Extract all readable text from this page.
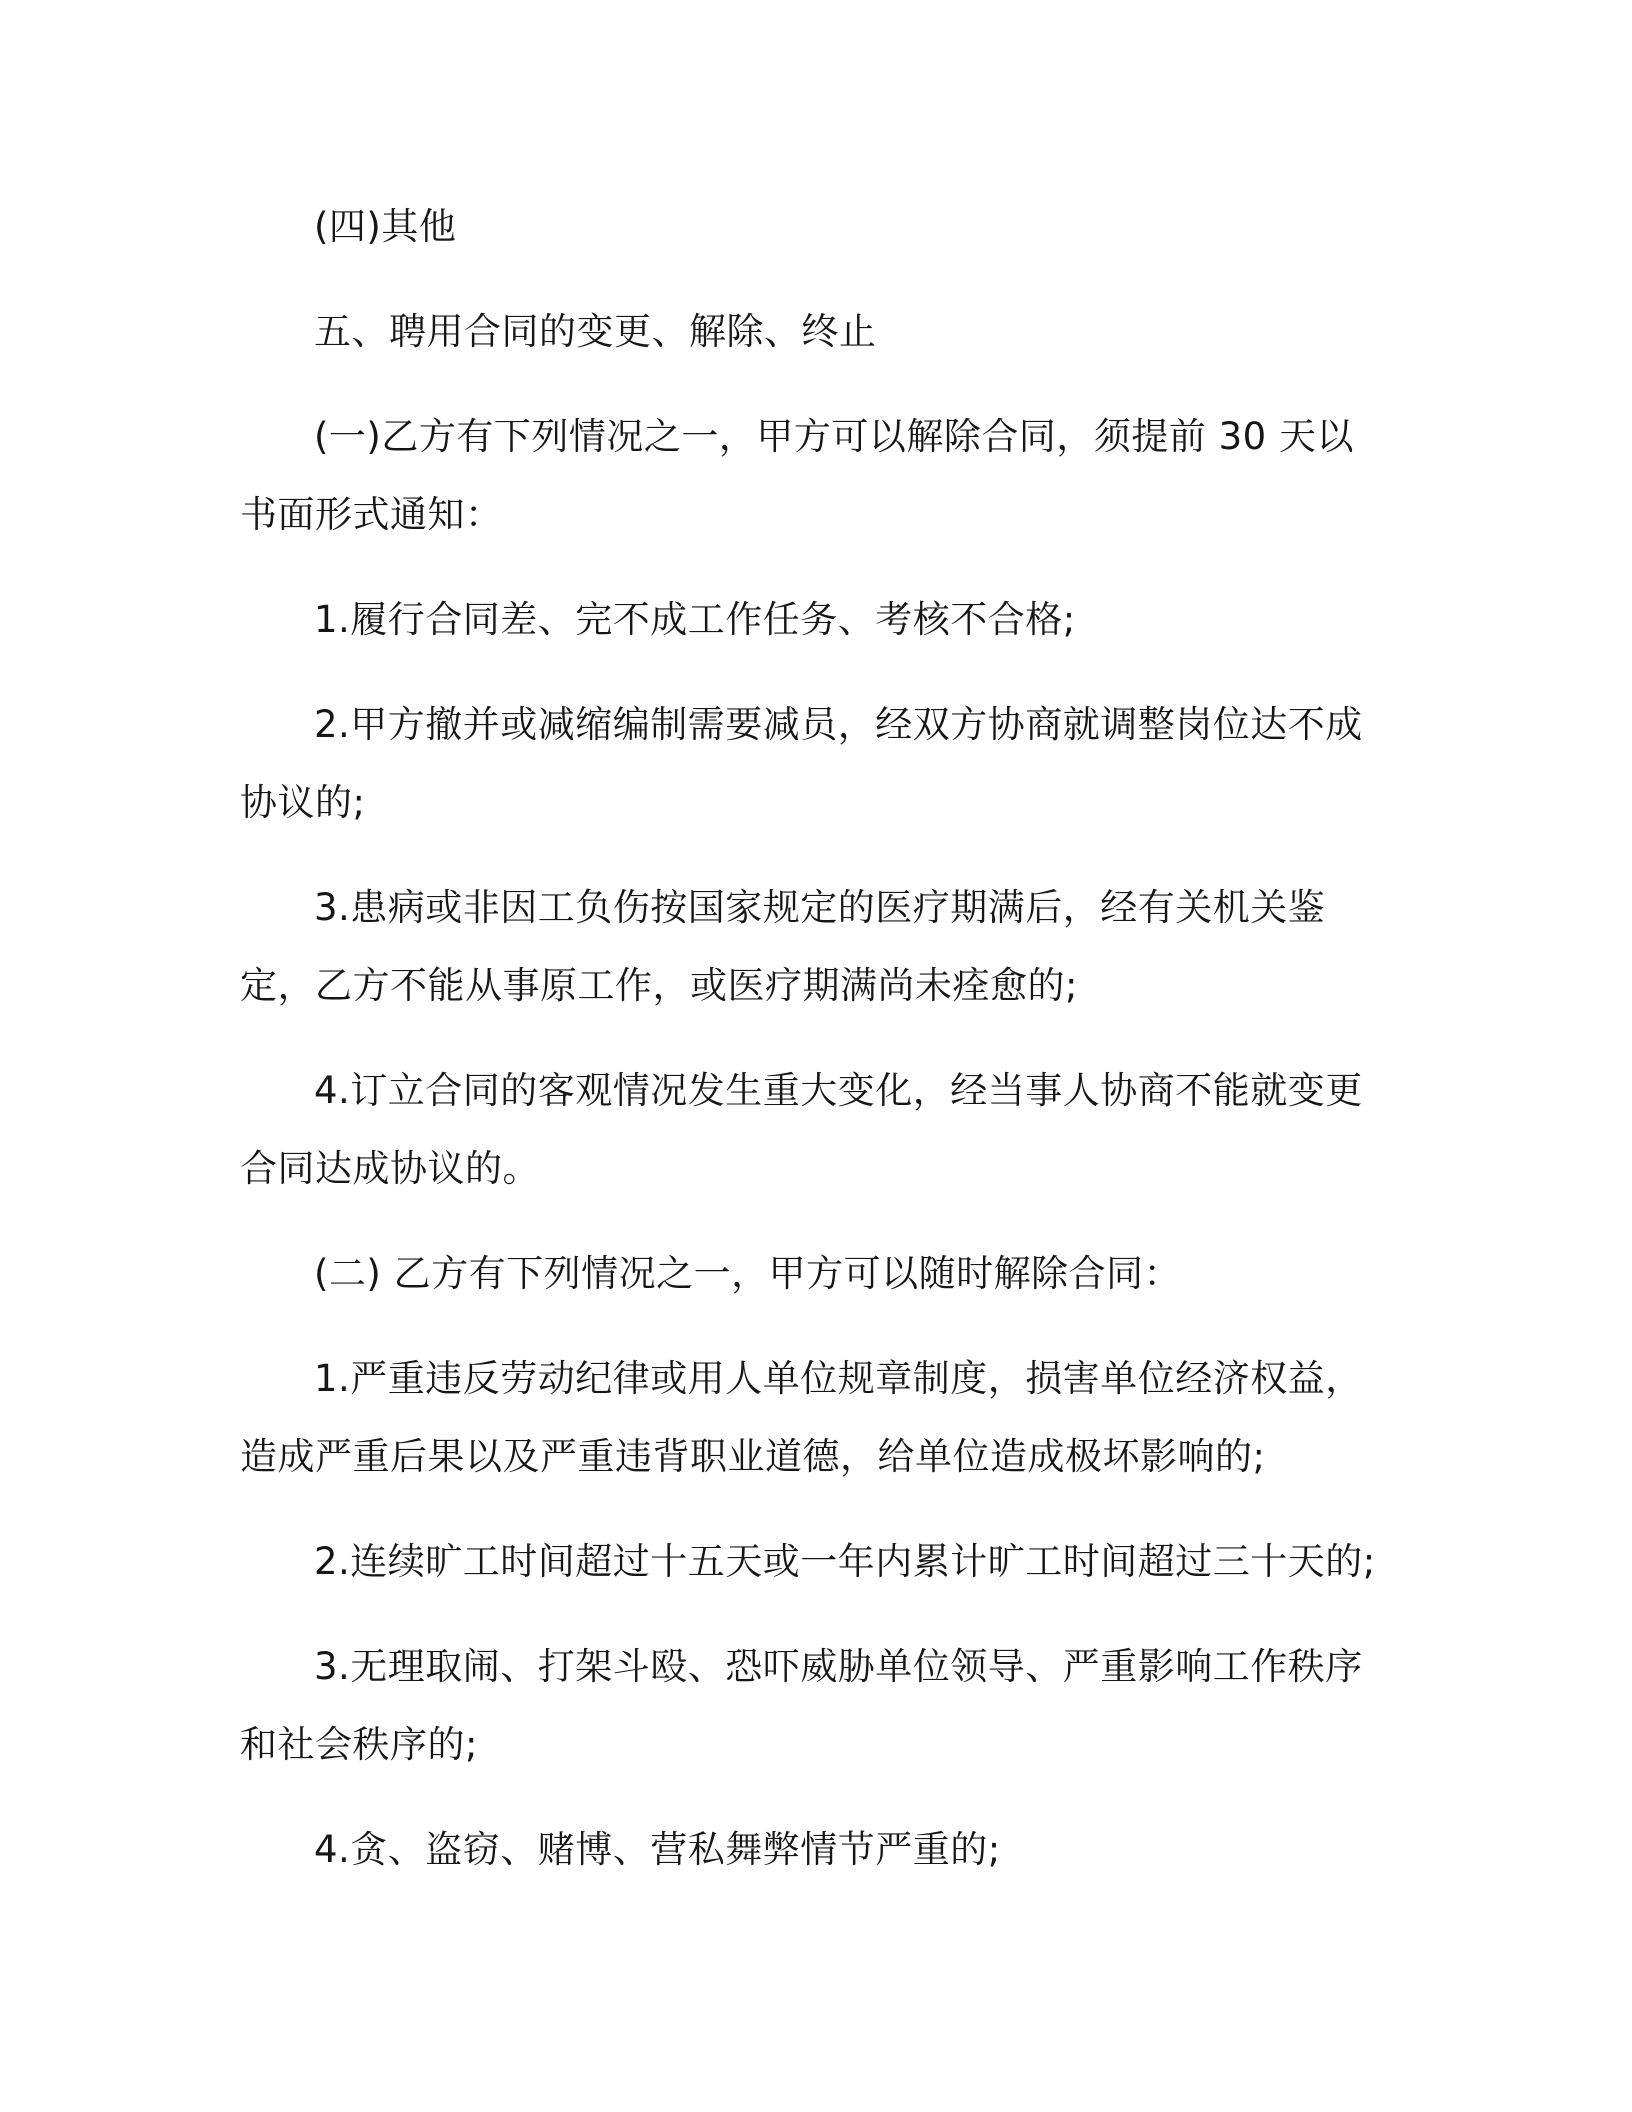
(四)其他

五、聘用合同的变更、解除、终止

(一)乙方有下列情况之一，甲方可以解除合同，须提前 30 天以书面形式通知：

1.履行合同差、完不成工作任务、考核不合格;

2.甲方撤并或减缩编制需要减员，经双方协商就调整岗位达不成协议的;

3.患病或非因工负伤按国家规定的医疗期满后，经有关机关鉴定，乙方不能从事原工作，或医疗期满尚未痊愈的;

4.订立合同的客观情况发生重大变化，经当事人协商不能就变更合同达成协议的。

(二) 乙方有下列情况之一，甲方可以随时解除合同：

1.严重违反劳动纪律或用人单位规章制度，损害单位经济权益，造成严重后果以及严重违背职业道德，给单位造成极坏影响的;

2.连续旷工时间超过十五天或一年内累计旷工时间超过三十天的;

3.无理取闹、打架斗殴、恐吓威胁单位领导、严重影响工作秩序和社会秩序的;

4.贪、盗窃、赌博、营私舞弊情节严重的;
